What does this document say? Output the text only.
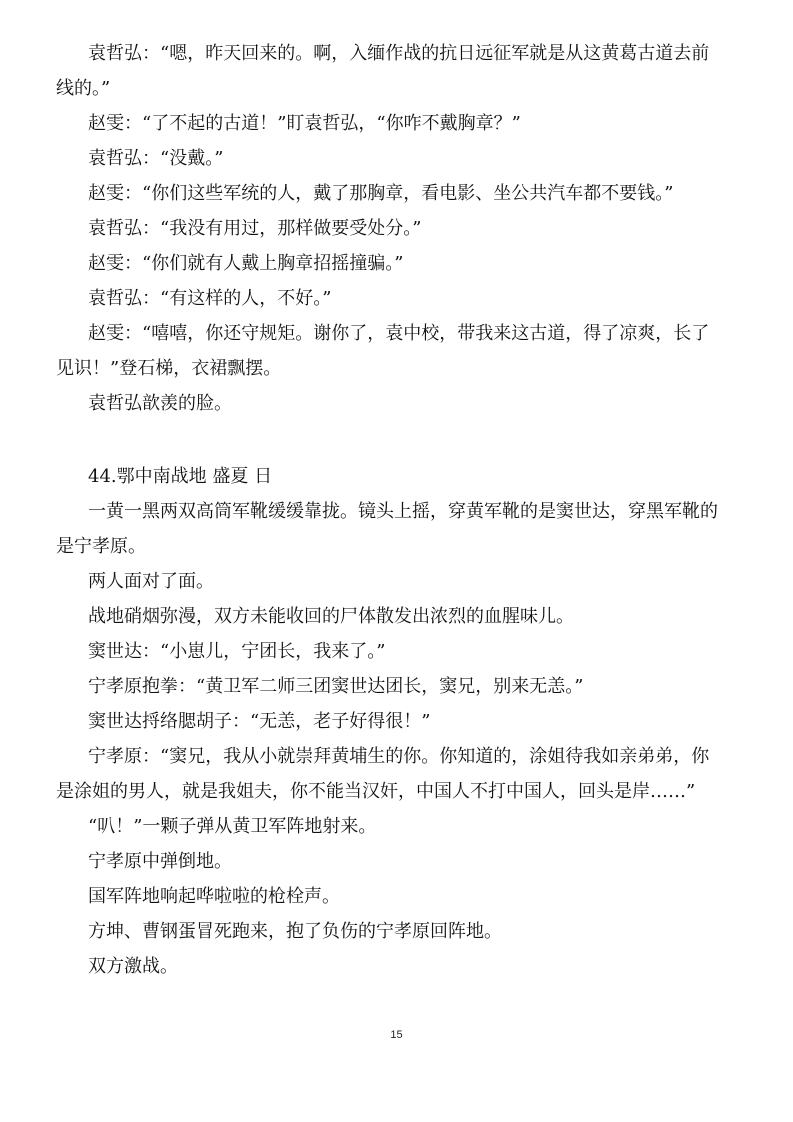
袁哲弘：“嗯，昨天回来的。啊，入缅作战的抗日远征军就是从这黄葛古道去前

线的。”

赵雯：“了不起的古道！”盯袁哲弘，“你咋不戴胸章？”

袁哲弘：“没戴。”

赵雯：“你们这些军统的人，戴了那胸章，看电影、坐公共汽车都不要钱。”

袁哲弘：“我没有用过，那样做要受处分。”

赵雯：“你们就有人戴上胸章招摇撞骗。”

袁哲弘：“有这样的人，不好。”

赵雯：“嘻嘻，你还守规矩。谢你了，袁中校，带我来这古道，得了凉爽，长了

见识！”登石梯，衣裙飘摆。

袁哲弘歆羡的脸。

44.鄂中南战地 盛夏 日

一黄一黑两双高筒军靴缓缓靠拢。镜头上摇，穿黄军靴的是窦世达，穿黑军靴的

是宁孝原。

两人面对了面。

战地硝烟弥漫，双方未能收回的尸体散发出浓烈的血腥味儿。

窦世达：“小崽儿，宁团长，我来了。”

宁孝原抱拳：“黄卫军二师三团窦世达团长，窦兄，别来无恙。”

窦世达捋络腮胡子：“无恙，老子好得很！”

宁孝原：“窦兄，我从小就崇拜黄埔生的你。你知道的，涂姐待我如亲弟弟，你

是涂姐的男人，就是我姐夫，你不能当汉奸，中国人不打中国人，回头是岸……”

“叭！”一颗子弹从黄卫军阵地射来。

宁孝原中弹倒地。

国军阵地响起哗啦啦的枪栓声。

方坤、曹钢蛋冒死跑来，抱了负伤的宁孝原回阵地。

双方激战。

15
